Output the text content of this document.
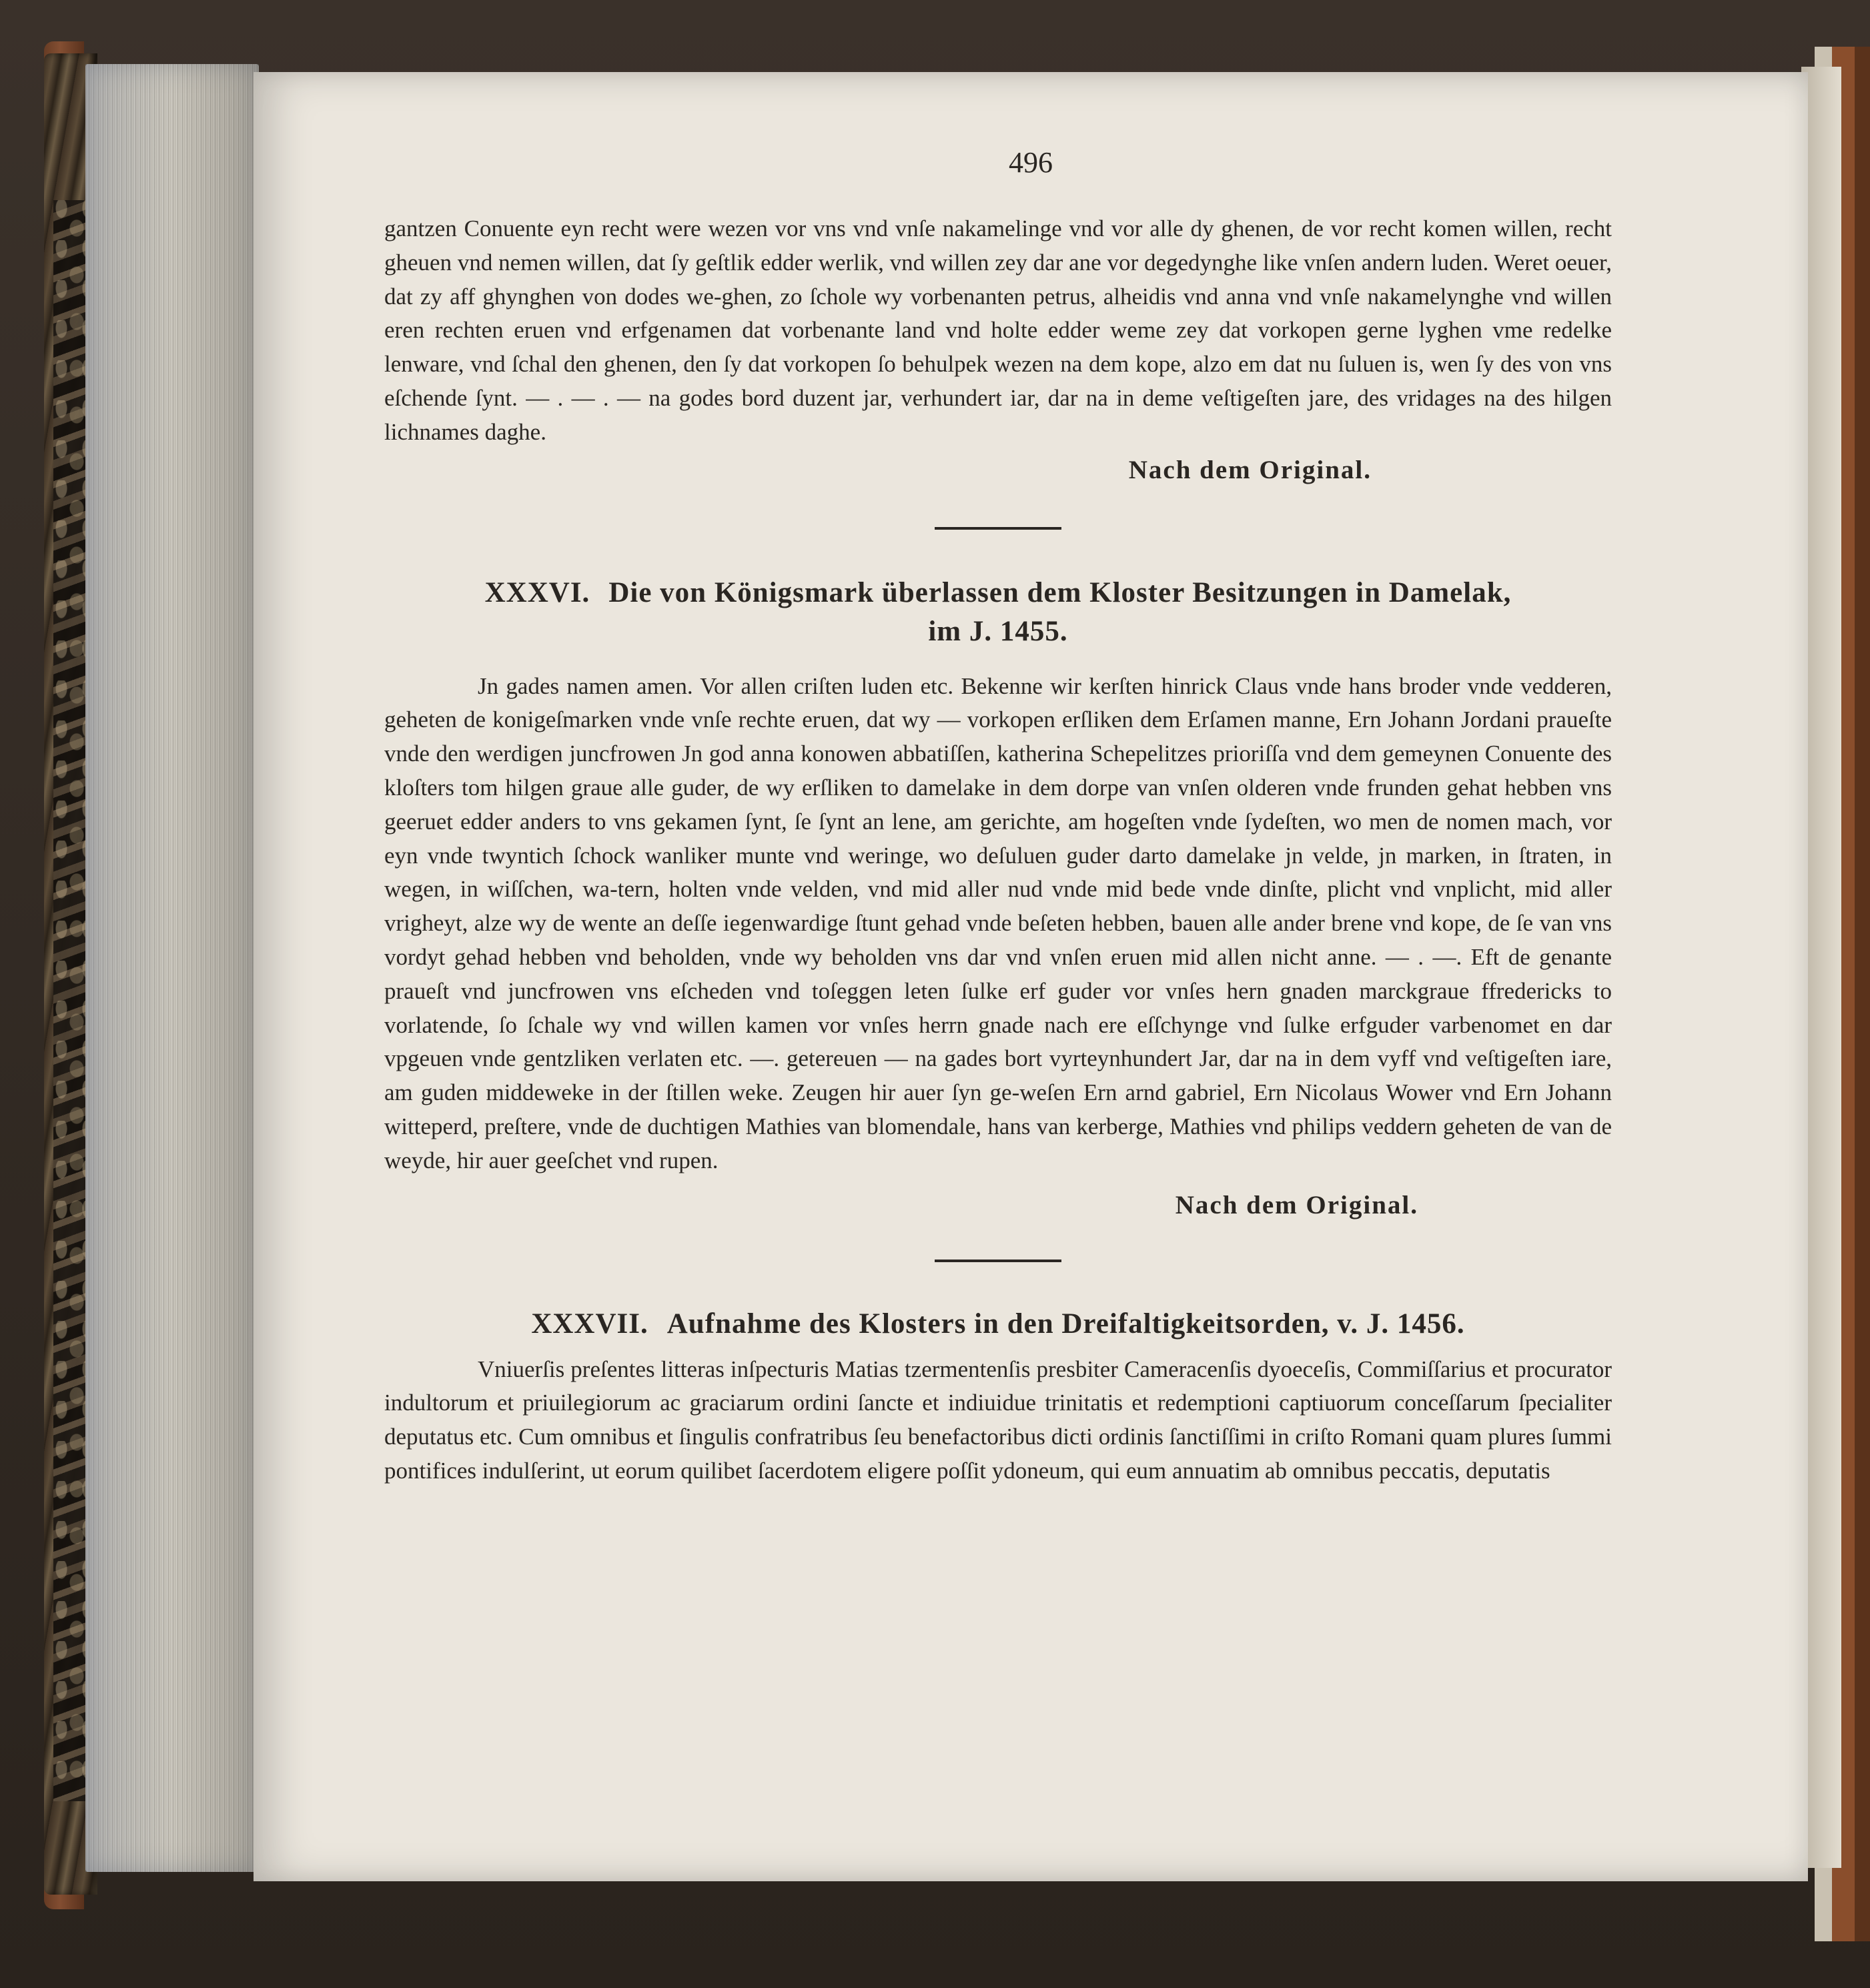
496

gantzen Conuente eyn recht were wezen vor vns vnd vnſe nakamelinge vnd vor alle dy ghenen, de vor recht komen willen, recht gheuen vnd nemen willen, dat ſy geſtlik edder werlik, vnd willen zey dar ane vor degedynghe like vnſen andern luden. Weret oeuer, dat zy aff ghynghen von dodes we-ghen, zo ſchole wy vorbenanten petrus, alheidis vnd anna vnd vnſe nakamelynghe vnd willen eren rechten eruen vnd erfgenamen dat vorbenante land vnd holte edder weme zey dat vorkopen gerne lyghen vme redelke lenware, vnd ſchal den ghenen, den ſy dat vorkopen ſo behulpek wezen na dem kope, alzo em dat nu ſuluen is, wen ſy des von vns eſchende ſynt. — . — . — na godes bord duzent jar, verhundert iar, dar na in deme veſtigeſten jare, des vridages na des hilgen lichnames daghe.

Nach dem Original.

XXXVI. Die von Königsmark überlassen dem Kloster Besitzungen in Damelak,
im J. 1455.

Jn gades namen amen. Vor allen criſten luden etc. Bekenne wir kerſten hinrick Claus vnde hans broder vnde vedderen, geheten de konigeſmarken vnde vnſe rechte eruen, dat wy — vorkopen erſliken dem Erſamen manne, Ern Johann Jordani praueſte vnde den werdigen juncfrowen Jn god anna konowen abbatiſſen, katherina Schepelitzes prioriſſa vnd dem gemeynen Conuente des kloſters tom hilgen graue alle guder, de wy erſliken to damelake in dem dorpe van vnſen olderen vnde frunden gehat hebben vns geeruet edder anders to vns gekamen ſynt, ſe ſynt an lene, am gerichte, am hogeſten vnde ſydeſten, wo men de nomen mach, vor eyn vnde twyntich ſchock wanliker munte vnd weringe, wo deſuluen guder darto damelake jn velde, jn marken, in ſtraten, in wegen, in wiſſchen, wa-tern, holten vnde velden, vnd mid aller nud vnde mid bede vnde dinſte, plicht vnd vnplicht, mid aller vrigheyt, alze wy de wente an deſſe iegenwardige ſtunt gehad vnde beſeten hebben, bauen alle ander brene vnd kope, de ſe van vns vordyt gehad hebben vnd beholden, vnde wy beholden vns dar vnd vnſen eruen mid allen nicht anne. — . —. Eft de genante praueſt vnd juncfrowen vns eſcheden vnd toſeggen leten ſulke erf guder vor vnſes hern gnaden marckgraue ffredericks to vorlatende, ſo ſchale wy vnd willen kamen vor vnſes herrn gnade nach ere eſſchynge vnd ſulke erfguder varbenomet en dar vpgeuen vnde gentzliken verlaten etc. —. getereuen — na gades bort vyrteynhundert Jar, dar na in dem vyff vnd veſtigeſten iare, am guden middeweke in der ſtillen weke. Zeugen hir auer ſyn ge-weſen Ern arnd gabriel, Ern Nicolaus Wower vnd Ern Johann witteperd, preſtere, vnde de duchtigen Mathies van blomendale, hans van kerberge, Mathies vnd philips veddern geheten de van de weyde, hir auer geeſchet vnd rupen.

Nach dem Original.

XXXVII. Aufnahme des Klosters in den Dreifaltigkeitsorden, v. J. 1456.

Vniuerſis preſentes litteras inſpecturis Matias tzermentenſis presbiter Cameracenſis dyoeceſis, Commiſſarius et procurator indultorum et priuilegiorum ac graciarum ordini ſancte et indiuidue trinitatis et redemptioni captiuorum conceſſarum ſpecialiter deputatus etc. Cum omnibus et ſingulis confratribus ſeu benefactoribus dicti ordinis ſanctiſſimi in criſto Romani quam plures ſummi pontifices indulſerint, ut eorum quilibet ſacerdotem eligere poſſit ydoneum, qui eum annuatim ab omnibus peccatis, deputatis
